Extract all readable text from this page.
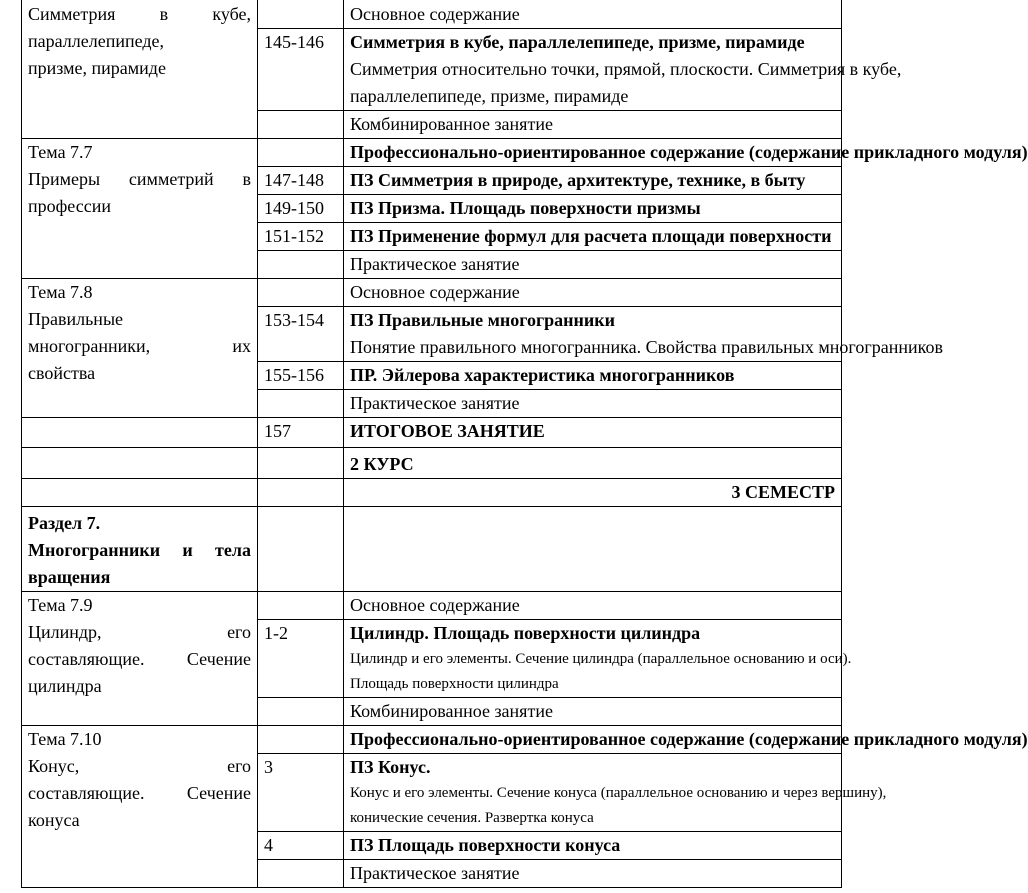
Симметрия в кубе,
параллелепипеде,
призме, пирамиде		Основное содержание
	145-146	Симметрия в кубе, параллелепипеде, призме, пирамиде
Симметрия относительно точки, прямой, плоскости. Симметрия в кубе,
параллелепипеде, призме, пирамиде

		Комбинированное занятие

Тема 7.7
Примеры симметрий в
профессии		Профессионально-ориентированное содержание (содержание прикладного модуля)
	147-148	ПЗ Симметрия в природе, архитектуре, технике, в быту
	149-150	ПЗ Призма. Площадь поверхности призмы
	151-152	ПЗ Применение формул для расчета площади поверхности
		Практическое занятие

Тема 7.8
Правильные
многогранники, их
свойства		Основное содержание
	153-154	ПЗ Правильные многогранники
Понятие правильного многогранника. Свойства правильных многогранников

	155-156	ПР. Эйлерова характеристика многогранников
		Практическое занятие
	157	ИТОГОВОЕ ЗАНЯТИЕ
		2 КУРС
		3 СЕМЕСТР

Раздел 7.
Многогранники и тела
вращения		

Тема 7.9
Цилиндр, его
составляющие. Сечение
цилиндра		Основное содержание
	1-2	Цилиндр. Площадь поверхности цилиндра
Цилиндр и его элементы. Сечение цилиндра (параллельное основанию и оси).
Площадь поверхности цилиндра

		Комбинированное занятие

Тема 7.10
Конус, его
составляющие. Сечение
конуса		Профессионально-ориентированное содержание (содержание прикладного модуля)
	3	ПЗ Конус.
Конус и его элементы. Сечение конуса (параллельное основанию и через вершину),
конические сечения. Развертка конуса

	4	ПЗ Площадь поверхности конуса
		Практическое занятие
